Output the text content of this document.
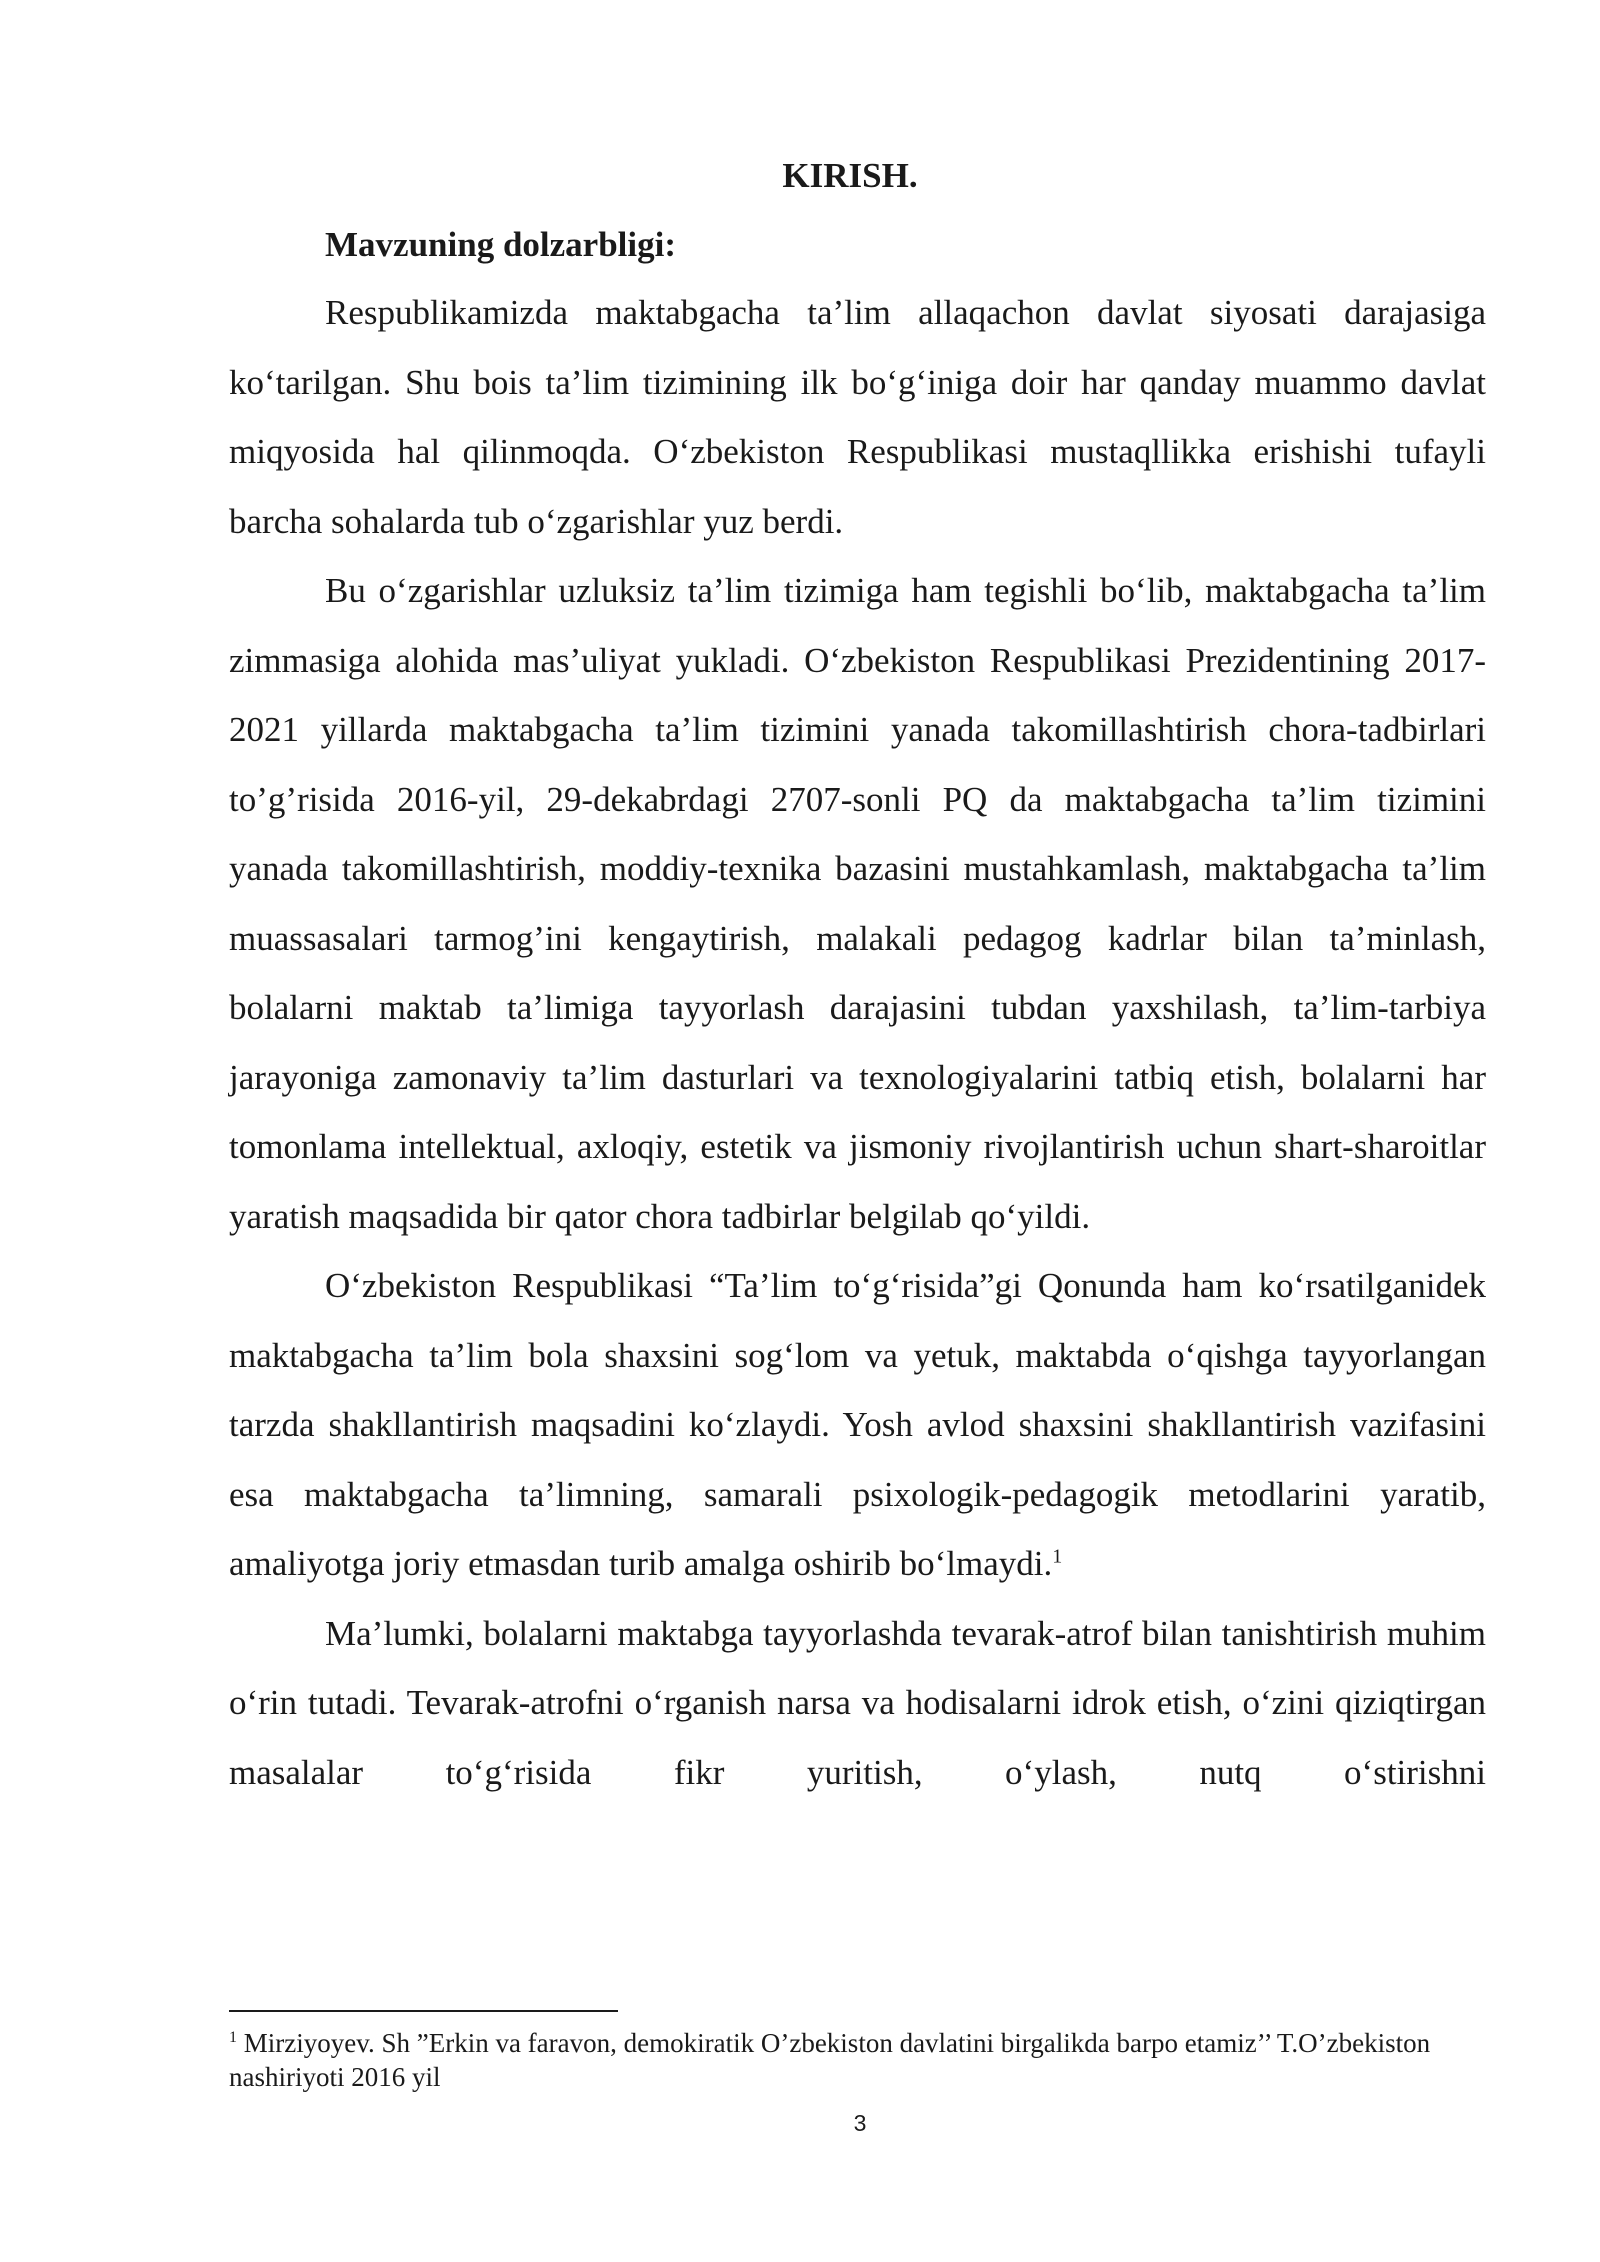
KIRISH.
Mavzuning dolzarbligi:

Respublikamizda maktabgacha ta’lim allaqachon davlat siyosati darajasiga ko‘tarilgan. Shu bois ta’lim tizimining ilk bo‘g‘iniga doir har qanday muammo davlat miqyosida hal qilinmoqda. O‘zbekiston Respublikasi mustaqllikka erishishi tufayli barcha sohalarda tub o‘zgarishlar yuz berdi.

Bu o‘zgarishlar uzluksiz ta’lim tizimiga ham tegishli bo‘lib, maktabgacha ta’lim zimmasiga alohida mas’uliyat yukladi. O‘zbekiston Respublikasi Prezidentining 2017-2021 yillarda maktabgacha ta’lim tizimini yanada takomillashtirish chora-tadbirlari to’g’risida 2016-yil, 29-dekabrdagi 2707-sonli PQ da maktabgacha ta’lim tizimini yanada takomillashtirish, moddiy-texnika bazasini mustahkamlash, maktabgacha ta’lim muassasalari tarmog’ini kengaytirish, malakali pedagog kadrlar bilan ta’minlash, bolalarni maktab ta’limiga tayyorlash darajasini tubdan yaxshilash, ta’lim-tarbiya jarayoniga zamonaviy ta’lim dasturlari va texnologiyalarini tatbiq etish, bolalarni har tomonlama intellektual, axloqiy, estetik va jismoniy rivojlantirish uchun shart-sharoitlar yaratish maqsadida bir qator chora tadbirlar belgilab qo‘yildi.

O‘zbekiston Respublikasi “Ta’lim to‘g‘risida”gi Qonunda ham ko‘rsatilganidek maktabgacha ta’lim bola shaxsini sog‘lom va yetuk, maktabda o‘qishga tayyorlangan tarzda shakllantirish maqsadini ko‘zlaydi. Yosh avlod shaxsini shakllantirish vazifasini esa maktabgacha ta’limning, samarali psixologik-pedagogik metodlarini yaratib, amaliyotga joriy etmasdan turib amalga oshirib bo‘lmaydi.$^1$

Ma’lumki, bolalarni maktabga tayyorlashda tevarak-atrof bilan tanishtirish muhim o‘rin tutadi. Tevarak-atrofni o‘rganish narsa va hodisalarni idrok etish, o‘zini qiziqtirgan masalalar to‘g‘risida fikr yuritish, o‘ylash, nutq o‘stirishni

$^1$ Mirziyoyev. Sh ”Erkin va faravon, demokiratik O’zbekiston davlatini birgalikda barpo etamiz’’ T.O’zbekiston nashiriyoti 2016 yil

3
